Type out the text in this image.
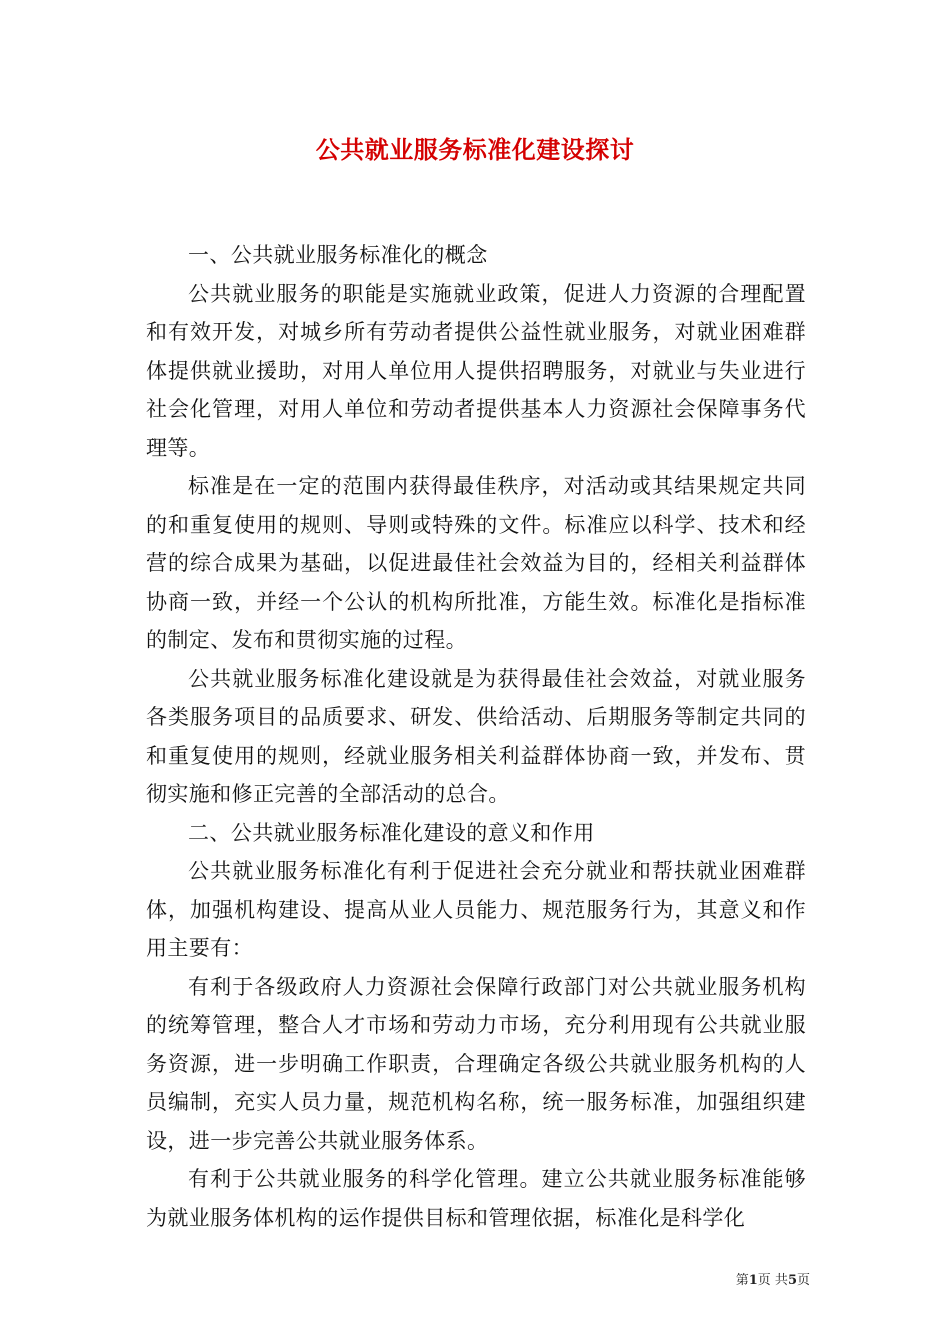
公共就业服务标准化建设探讨

一、公共就业服务标准化的概念

公共就业服务的职能是实施就业政策，促进人力资源的合理配置和有效开发，对城乡所有劳动者提供公益性就业服务，对就业困难群体提供就业援助，对用人单位用人提供招聘服务，对就业与失业进行社会化管理，对用人单位和劳动者提供基本人力资源社会保障事务代理等。

标准是在一定的范围内获得最佳秩序，对活动或其结果规定共同的和重复使用的规则、导则或特殊的文件。标准应以科学、技术和经营的综合成果为基础，以促进最佳社会效益为目的，经相关利益群体协商一致，并经一个公认的机构所批准，方能生效。标准化是指标准的制定、发布和贯彻实施的过程。

公共就业服务标准化建设就是为获得最佳社会效益，对就业服务各类服务项目的品质要求、研发、供给活动、后期服务等制定共同的和重复使用的规则，经就业服务相关利益群体协商一致，并发布、贯彻实施和修正完善的全部活动的总合。

二、公共就业服务标准化建设的意义和作用

公共就业服务标准化有利于促进社会充分就业和帮扶就业困难群体，加强机构建设、提高从业人员能力、规范服务行为，其意义和作用主要有：

有利于各级政府人力资源社会保障行政部门对公共就业服务机构的统筹管理，整合人才市场和劳动力市场，充分利用现有公共就业服务资源，进一步明确工作职责，合理确定各级公共就业服务机构的人员编制，充实人员力量，规范机构名称，统一服务标准，加强组织建设，进一步完善公共就业服务体系。

有利于公共就业服务的科学化管理。建立公共就业服务标准能够为就业服务体机构的运作提供目标和管理依据，标准化是科学化

第1页 共5页
